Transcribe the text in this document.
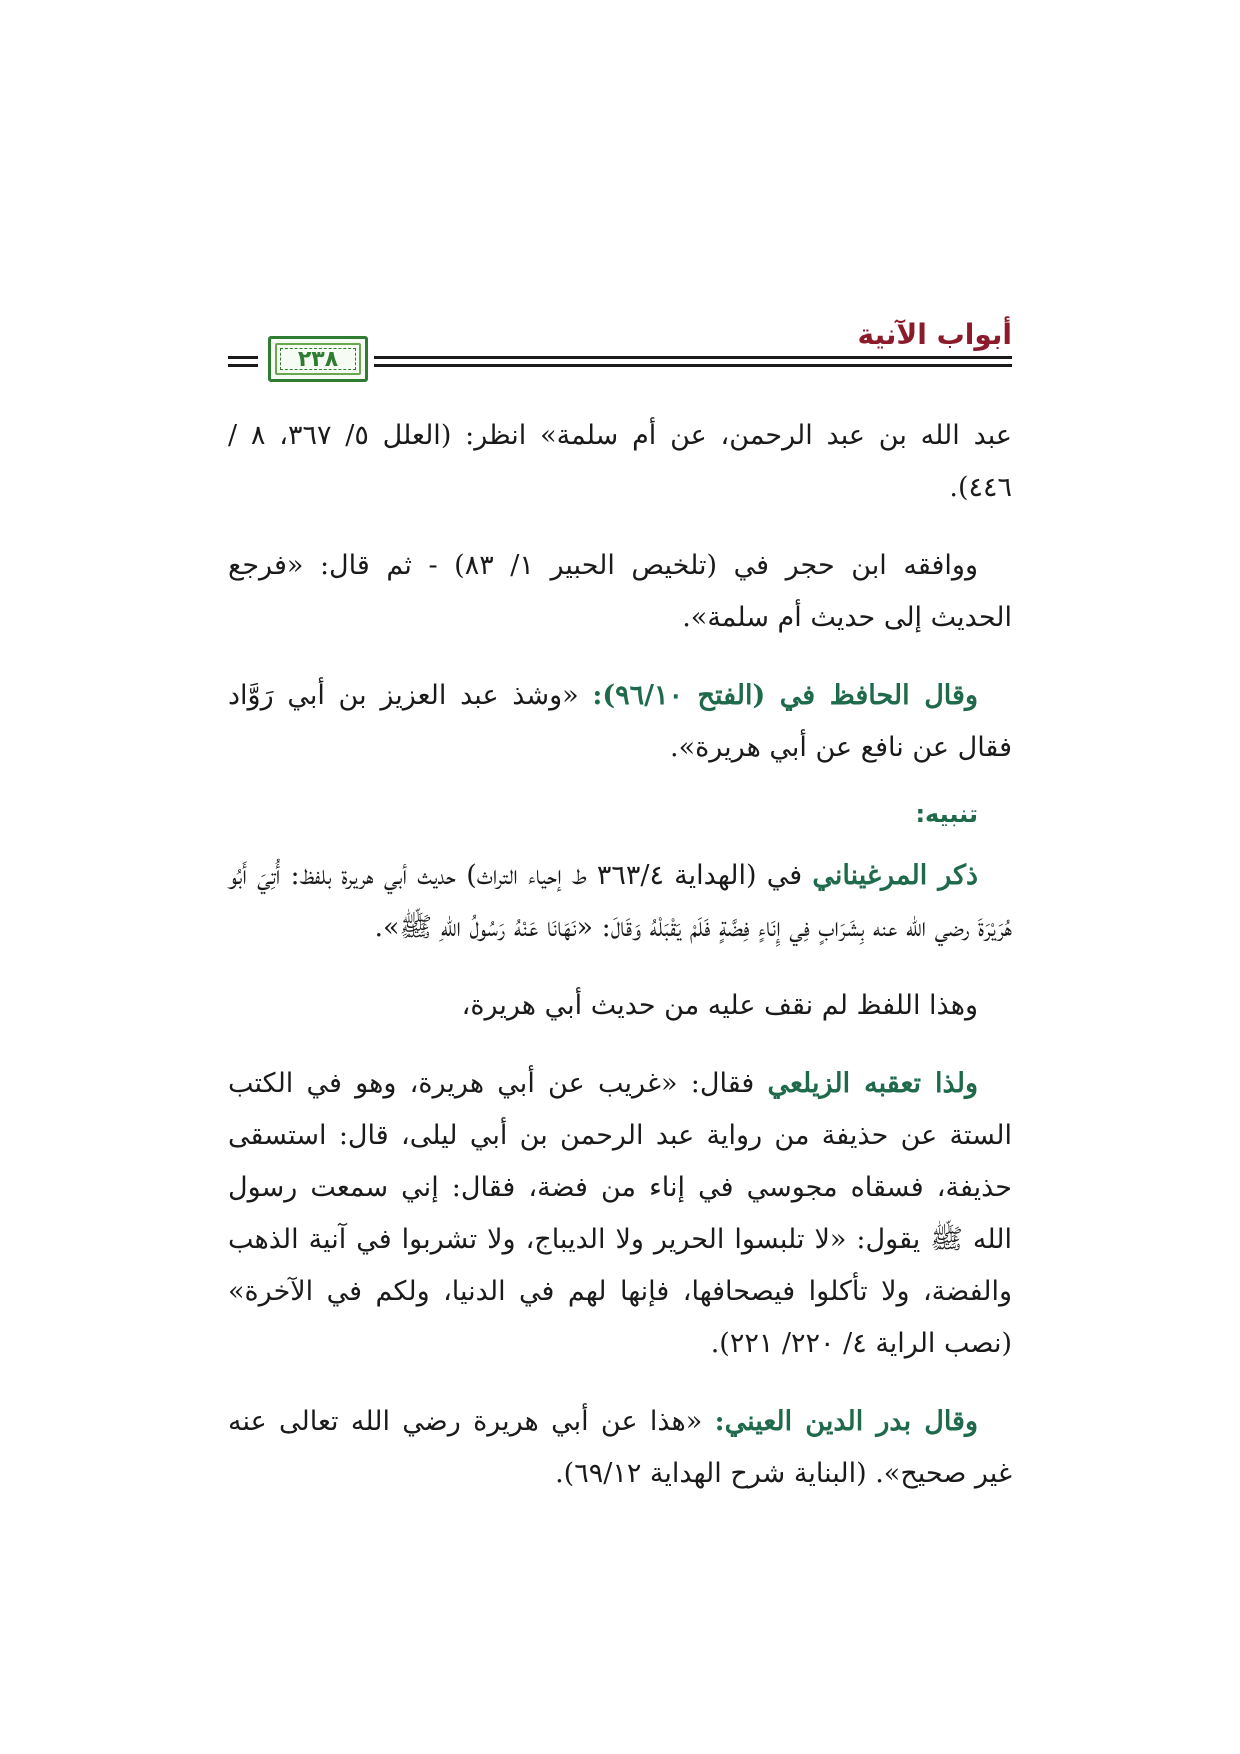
أبواب الآنية
٢٣٨

عبد الله بن عبد الرحمن، عن أم سلمة» انظر: (العلل ٥/ ٣٦٧، ٨ / ٤٤٦).

ووافقه ابن حجر في (تلخيص الحبير ١/ ٨٣) - ثم قال: «فرجع الحديث إلى حديث أم سلمة».

وقال الحافظ في (الفتح ٩٦/١٠): «وشذ عبد العزيز بن أبي رَوَّاد فقال عن نافع عن أبي هريرة».

تنبيه:

ذكر المرغيناني في (الهداية ٣٦٣/٤ ط إحياء التراث) حديث أبي هريرة بلفظ: أُتِيَ أَبُو هُرَيْرَةَ رضي الله عنه بِشَرَابٍ فِي إِنَاءٍ فِضَّةٍ فَلَمْ يَقْبَلْهُ وَقَالَ: «نَهَانَا عَنْهُ رَسُولُ اللهِ ﷺ».

وهذا اللفظ لم نقف عليه من حديث أبي هريرة،

ولذا تعقبه الزيلعي فقال: «غريب عن أبي هريرة، وهو في الكتب الستة عن حذيفة من رواية عبد الرحمن بن أبي ليلى، قال: استسقى حذيفة، فسقاه مجوسي في إناء من فضة، فقال: إني سمعت رسول الله ﷺ يقول: «لا تلبسوا الحرير ولا الديباج، ولا تشربوا في آنية الذهب والفضة، ولا تأكلوا فيصحافها، فإنها لهم في الدنيا، ولكم في الآخرة» (نصب الراية ٤/ ٢٢٠/ ٢٢١).

وقال بدر الدين العيني: «هذا عن أبي هريرة رضي الله تعالى عنه غير صحيح». (البناية شرح الهداية ٦٩/١٢).
